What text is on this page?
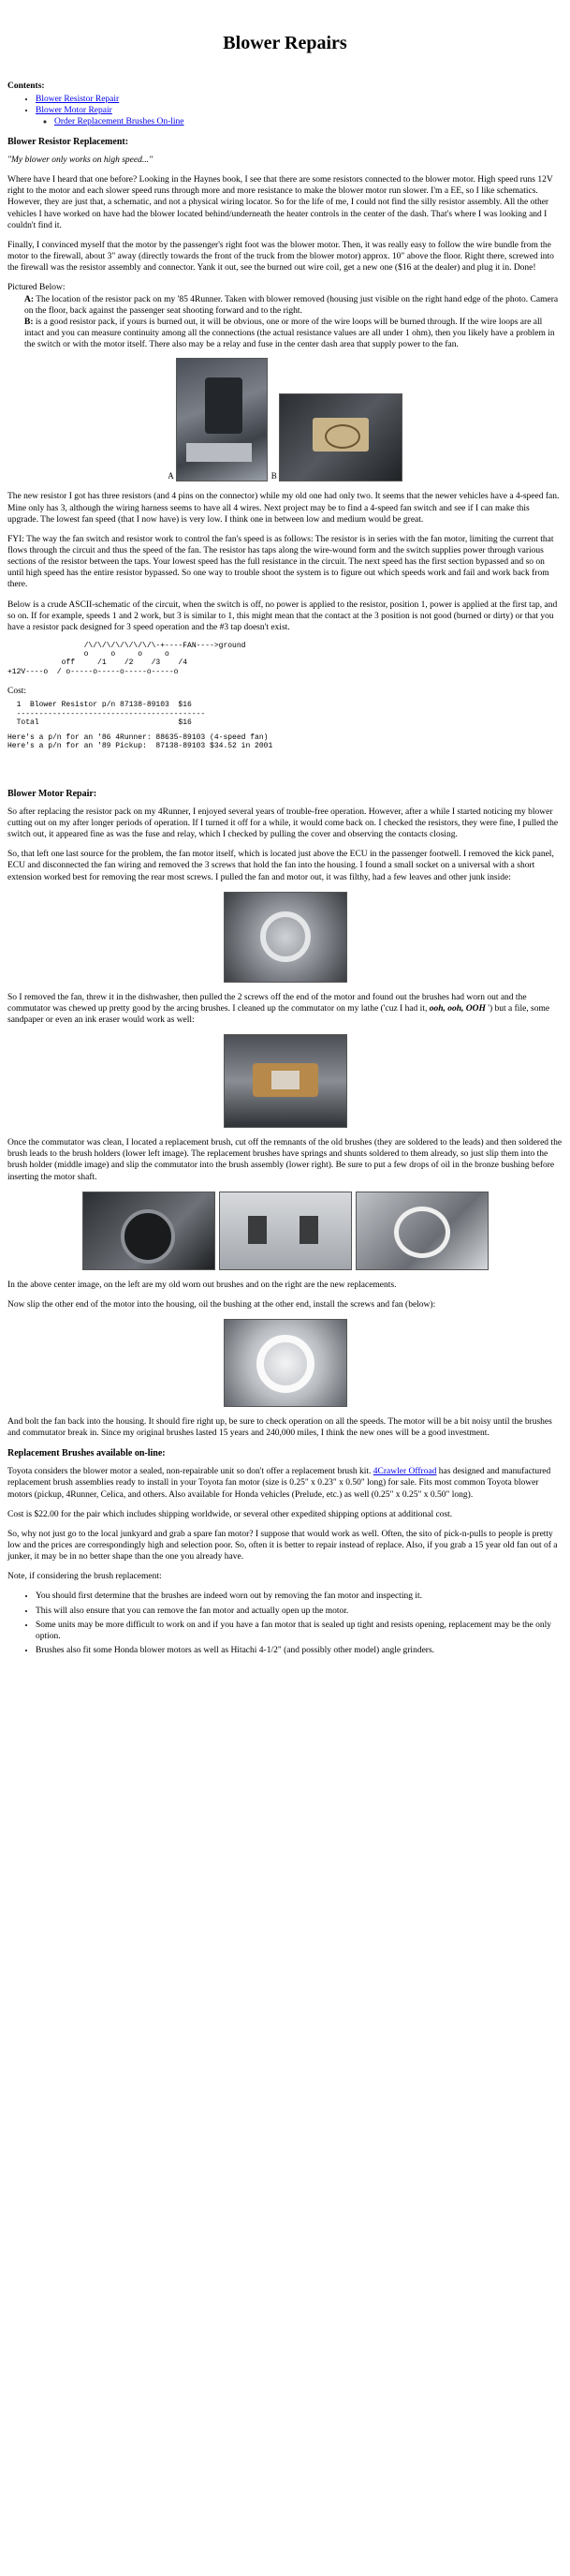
Blower Repairs
Contents:
• Blower Resistor Repair
• Blower Motor Repair
◦ Order Replacement Brushes On-line
Blower Resistor Replacement:

"My blower only works on high speed..."

Where have I heard that one before? Looking in the Haynes book, I see that there are some resistors connected to the blower motor. High speed runs 12V right to the motor and each slower speed runs through more and more resistance to make the blower motor run slower. I'm a EE, so I like schematics. However, they are just that, a schematic, and not a physical wiring locator. So for the life of me, I could not find the silly resistor assembly. All the other vehicles I have worked on have had the blower located behind/underneath the heater controls in the center of the dash. That's where I was looking and I couldn't find it.

Finally, I convinced myself that the motor by the passenger's right foot was the blower motor. Then, it was really easy to follow the wire bundle from the motor to the firewall, about 3" away (directly towards the front of the truck from the blower motor) approx. 10" above the floor. Right there, screwed into the firewall was the resistor assembly and connector. Yank it out, see the burned out wire coil, get a new one ($16 at the dealer) and plug it in. Done!

Pictured Below:
A: The location of the resistor pack on my '85 4Runner. Taken with blower removed (housing just visible on the right hand edge of the photo. Camera on the floor, back against the passenger seat shooting forward and to the right.
B: is a good resistor pack, if yours is burned out, it will be obvious, one or more of the wire loops will be burned through. If the wire loops are all intact and you can measure continuity among all the connections (the actual resistance values are all under 1 ohm), then you likely have a problem in the switch or with the motor itself. There also may be a relay and fuse in the center dash area that supply power to the fan.
A	B

The new resistor I got has three resistors (and 4 pins on the connector) while my old one had only two. It seems that the newer vehicles have a 4-speed fan. Mine only has 3, although the wiring harness seems to have all 4 wires. Next project may be to find a 4-speed fan switch and see if I can make this upgrade. The lowest fan speed (that I now have) is very low. I think one in between low and medium would be great.

FYI: The way the fan switch and resistor work to control the fan's speed is as follows: The resistor is in series with the fan motor, limiting the current that flows through the circuit and thus the speed of the fan. The resistor has taps along the wire-wound form and the switch supplies power through various sections of the resistor between the taps. Your lowest speed has the full resistance in the circuit. The next speed has the first section bypassed and so on until high speed has the entire resistor bypassed. So one way to trouble shoot the system is to figure out which speeds work and fail and work back from there.

Below is a crude ASCII-schematic of the circuit, when the switch is off, no power is applied to the resistor, position 1, power is applied at the first tap, and so on. If for example, speeds 1 and 2 work, but 3 is similar to 1, this might mean that the contact at the 3 position is not good (burned or dirty) or that you have a resistor pack designed for 3 speed operation and the #3 tap doesn't exist.

/\/\/\/\/\/\/\/\-+----FAN---->ground
o     o     o     o
off     /1    /2    /3    /4
+12V----o  / o-----o-----o-----o-----o

Cost:

1  Blower Resistor p/n 87138-89103  $16
------------------------------------------
Total                               $16
Here's a p/n for an '86 4Runner: 88635-89103 (4-speed fan)
Here's a p/n for an '89 Pickup:  87138-89103 $34.52 in 2001
Blower Motor Repair:

So after replacing the resistor pack on my 4Runner, I enjoyed several years of trouble-free operation. However, after a while I started noticing my blower cutting out on my after longer periods of operation. If I turned it off for a while, it would come back on. I checked the resistors, they were fine, I pulled the switch out, it appeared fine as was the fuse and relay, which I checked by pulling the cover and observing the contacts closing.

So, that left one last source for the problem, the fan motor itself, which is located just above the ECU in the passenger footwell. I removed the kick panel, ECU and disconnected the fan wiring and removed the 3 screws that hold the fan into the housing. I found a small socket on a universal with a short extension worked best for removing the rear most screws. I pulled the fan and motor out, it was filthy, had a few leaves and other junk inside:

So I removed the fan, threw it in the dishwasher, then pulled the 2 screws off the end of the motor and found out the brushes had worn out and the commutator was chewed up pretty good by the arcing brushes. I cleaned up the commutator on my lathe ('cuz I had it, ooh, ooh, OOH ') but a file, some sandpaper or even an ink eraser would work as well:

Once the commutator was clean, I located a replacement brush, cut off the remnants of the old brushes (they are soldered to the leads) and then soldered the brush leads to the brush holders (lower left image). The replacement brushes have springs and shunts soldered to them already, so just slip them into the brush holder (middle image) and slip the commutator into the brush assembly (lower right). Be sure to put a few drops of oil in the bronze bushing before inserting the motor shaft.

In the above center image, on the left are my old worn out brushes and on the right are the new replacements.

Now slip the other end of the motor into the housing, oil the bushing at the other end, install the screws and fan (below):

And bolt the fan back into the housing. It should fire right up, be sure to check operation on all the speeds. The motor will be a bit noisy until the brushes and commutator break in. Since my original brushes lasted 15 years and 240,000 miles, I think the new ones will be a good investment.

Replacement Brushes available on-line:

Toyota considers the blower motor a sealed, non-repairable unit so don't offer a replacement brush kit. 4Crawler Offroad has designed and manufactured replacement brush assemblies ready to install in your Toyota fan motor (size is 0.25" x 0.23" x 0.50" long) for sale. Fits most common Toyota blower motors (pickup, 4Runner, Celica, and others. Also available for Honda vehicles (Prelude, etc.) as well (0.25" x 0.25" x 0.50" long).

Cost is $22.00 for the pair which includes shipping worldwide, or several other expedited shipping options at additional cost.

So, why not just go to the local junkyard and grab a spare fan motor? I suppose that would work as well. Often, the sito of pick-n-pulls to people is pretty low and the prices are correspondingly high and selection poor. So, often it is better to repair instead of replace. Also, if you grab a 15 year old fan out of a junker, it may be in no better shape than the one you already have.

Note, if considering the brush replacement:

• You should first determine that the brushes are indeed worn out by removing the fan motor and inspecting it.
• This will also ensure that you can remove the fan motor and actually open up the motor.
• Some units may be more difficult to work on and if you have a fan motor that is sealed up tight and resists opening, replacement may be the only option.
• Brushes also fit some Honda blower motors as well as Hitachi 4-1/2" (and possibly other model) angle grinders.
